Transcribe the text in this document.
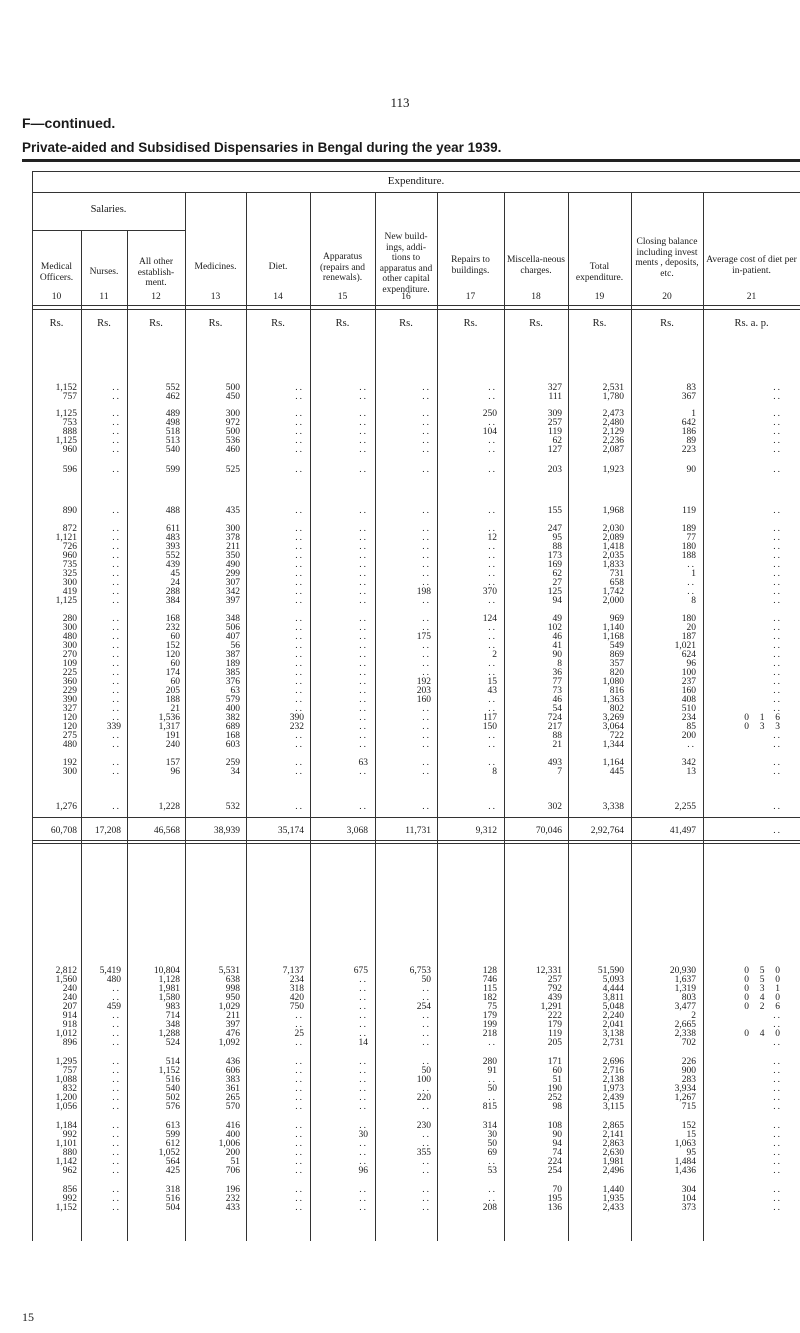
113
F—continued.
Private-aided and Subsidised Dispensaries in Bengal during the year 1939.
Expenditure.
Salaries.
Medical Officers.
Nurses.
All other establish-ment.
Medicines.	Diet.
Apparatus (repairs and renewals).
New build-ings, addi-tions to apparatus and other capital expenditure.
Repairs to buildings.
Miscella-neous charges.	Total expenditure.
Closing balance including invest ments , deposits, etc.
Average cost of diet per in-patient.
10	11	12	13	14	15	16	17	18	19	20	21
Rs.	Rs.	Rs.	Rs.	Rs.	Rs.	Rs.	Rs.	Rs.	Rs.	Rs.	Rs. a. p.
1,152	..	552	500	..	..	..	..	327	2,531	83	..
757	..	462	450	..	..	..	..	111	1,780	367	..
1,125	..	489	300	..	..	..	250	309	2,473	1	..
753	..	498	972	..	..	..	..	257	2,480	642	..
888	..	518	500	..	..	..	104	119	2,129	186	..
1,125	..	513	536	..	..	..	..	62	2,236	89	..
960	..	540	460	..	..	..	..	127	2,087	223	..
596	..	599	525	..	..	..	..	203	1,923	90	..
890	..	488	435	..	..	..	..	155	1,968	119	..
872	..	611	300	..	..	..	..	247	2,030	189	..
1,121	..	483	378	..	..	..	12	95	2,089	77	..
726	..	393	211	..	..	..	..	88	1,418	180	..
960	..	552	350	..	..	..	..	173	2,035	188	..
735	..	439	490	..	..	..	..	169	1,833	..	..
325	..	45	299	..	..	..	..	62	731	1	..
300	..	24	307	..	..	..	..	27	658	..	..
419	..	288	342	..	..	198	370	125	1,742	..	..
1,125	..	384	397	..	..	..	..	94	2,000	8	..
280	..	168	348	..	..	..	124	49	969	180	..
300	..	232	506	..	..	..	..	102	1,140	20	..
480	..	60	407	..	..	175	..	46	1,168	187	..
300	..	152	56	..	..	..	..	41	549	1,021	..
270	..	120	387	..	..	..	2	90	869	624	..
109	..	60	189	..	..	..	..	8	357	96	..
225	..	174	385	..	..	..	..	36	820	100	..
360	..	60	376	..	..	192	15	77	1,080	237	..
229	..	205	63	..	..	203	43	73	816	160	..
390	..	188	579	..	..	160	..	46	1,363	408	..
327	..	21	400	..	..	..	..	54	802	510	..
120	..	1,536	382	390	..	..	117	724	3,269	234	0  1  6
120	339	1,317	689	232	..	..	150	217	3,064	85	0  3  3
275	..	191	168	..	..	..	..	88	722	200	..
480	..	240	603	..	..	..	..	21	1,344	..	..
192	..	157	259	..	63	..	..	493	1,164	342	..
300	..	96	34	..	..	..	8	7	445	13	..
1,276	..	1,228	532	..	..	..	..	302	3,338	2,255	..
60,708 17,208	46,568	38,939	35,174	3,068	11,731	9,312	70,046	2,92,764	41,497	..
2,812 5,419	10,804	5,531	7,137	675	6,753	128	12,331	51,590	20,930	0  5  0
1,560	480	1,128	638	234	..	50	746	257	5,093	1,637	0  5  0
240	..	1,981	998	318	..	..	115	792	4,444	1,319	0  3  1
240	..	1,580	950	420	..	..	182	439	3,811	803	0  4  0
207	459	983	1,029	750	..	254	75	1,291	5,048	3,477	0  2  6
914	..	714	211	..	..	..	179	222	2,240	2	..
918	..	348	397	..	..	..	199	179	2,041	2,665	..
1,012	..	1,288	476	25	..	..	218	119	3,138	2,338	0  4  0
896	..	524	1,092	..	14	..	..	205	2,731	702	..
1,295	..	514	436	..	..	..	280	171	2,696	226	..
757	..	1,152	606	..	..	50	91	60	2,716	900	..
1,088	..	516	383	..	..	100	..	51	2,138	283	..
832	..	540	361	..	..	..	50	190	1,973	3,934	..
1,200	..	502	265	..	..	220	..	252	2,439	1,267	..
1,056	..	576	570	..	..	..	815	98	3,115	715	..
1,184	..	613	416	..	..	230	314	108	2,865	152	..
992	..	599	400	..	30	..	30	90	2,141	15	..
1,101	..	612	1,006	..	..	..	50	94	2,863	1,063	..
880	..	1,052	200	..	..	355	69	74	2,630	95	..
1,142	..	564	51	..	..	..	..	224	1,981	1,484	..
962	..	425	706	..	96	..	53	254	2,496	1,436	..
856	..	318	196	..	..	..	..	70	1,440	304	..
992	..	516	232	..	..	..	..	195	1,935	104	..
1,152	..	504	433	..	..	..	208	136	2,433	373	..
15
